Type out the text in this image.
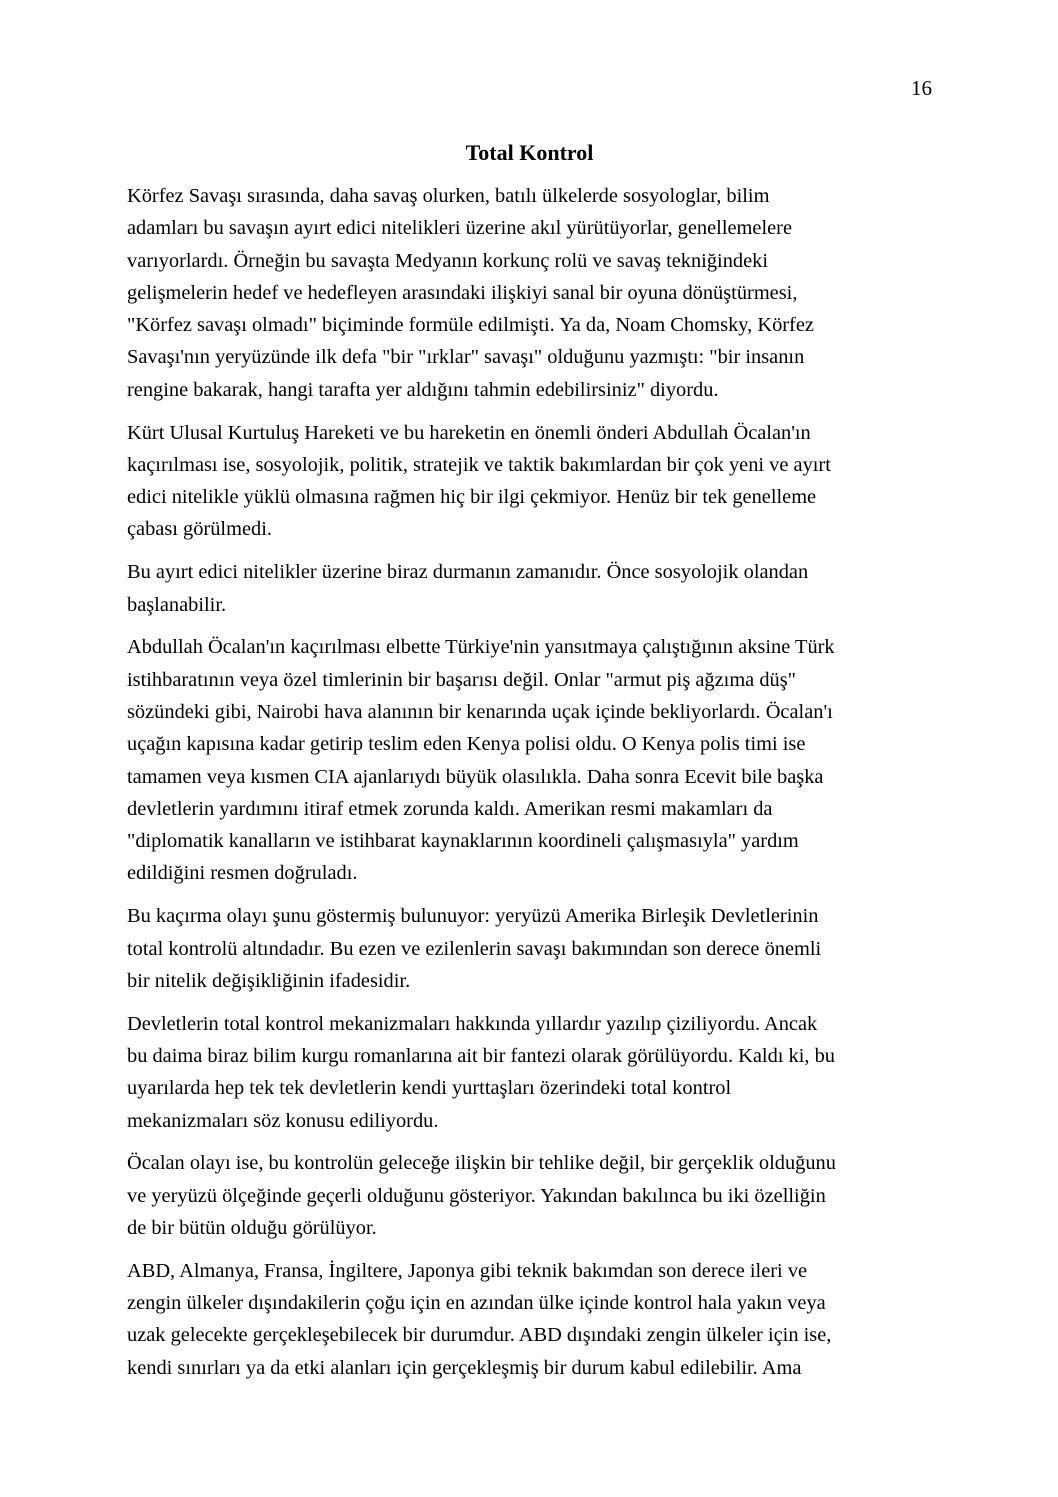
16
Total Kontrol

Körfez Savaşı sırasında, daha savaş olurken, batılı ülkelerde sosyologlar, bilim
adamları bu savaşın ayırt edici nitelikleri üzerine akıl yürütüyorlar, genellemelere
varıyorlardı. Örneğin bu savaşta Medyanın korkunç rolü ve savaş tekniğindeki
gelişmelerin hedef ve hedefleyen arasındaki ilişkiyi sanal bir oyuna dönüştürmesi,
"Körfez savaşı olmadı" biçiminde formüle edilmişti. Ya da, Noam Chomsky, Körfez
Savaşı'nın yeryüzünde ilk defa "bir "ırklar" savaşı" olduğunu yazmıştı: "bir insanın
rengine bakarak, hangi tarafta yer aldığını tahmin edebilirsiniz" diyordu.

Kürt Ulusal Kurtuluş Hareketi ve bu hareketin en önemli önderi Abdullah Öcalan'ın
kaçırılması ise, sosyolojik, politik, stratejik ve taktik bakımlardan bir çok yeni ve ayırt
edici nitelikle yüklü olmasına rağmen hiç bir ilgi çekmiyor. Henüz bir tek genelleme
çabası görülmedi.

Bu ayırt edici nitelikler üzerine biraz durmanın zamanıdır. Önce sosyolojik olandan
başlanabilir.

Abdullah Öcalan'ın kaçırılması elbette Türkiye'nin yansıtmaya çalıştığının aksine Türk
istihbaratının veya özel timlerinin bir başarısı değil. Onlar "armut piş ağzıma düş"
sözündeki gibi, Nairobi hava alanının bir kenarında uçak içinde bekliyorlardı. Öcalan'ı
uçağın kapısına kadar getirip teslim eden Kenya polisi oldu. O Kenya polis timi ise
tamamen veya kısmen CIA ajanlarıydı büyük olasılıkla. Daha sonra Ecevit bile başka
devletlerin yardımını itiraf etmek zorunda kaldı. Amerikan resmi makamları da
"diplomatik kanalların ve istihbarat kaynaklarının koordineli çalışmasıyla" yardım
edildiğini resmen doğruladı.

Bu kaçırma olayı şunu göstermiş bulunuyor: yeryüzü Amerika Birleşik Devletlerinin
total kontrolü altındadır. Bu ezen ve ezilenlerin savaşı bakımından son derece önemli
bir nitelik değişikliğinin ifadesidir.

Devletlerin total kontrol mekanizmaları hakkında yıllardır yazılıp çiziliyordu. Ancak
bu daima biraz bilim kurgu romanlarına ait bir fantezi olarak görülüyordu. Kaldı ki, bu
uyarılarda hep tek tek devletlerin kendi yurttaşları özerindeki total kontrol
mekanizmaları söz konusu ediliyordu.

Öcalan olayı ise, bu kontrolün geleceğe ilişkin bir tehlike değil, bir gerçeklik olduğunu
ve yeryüzü ölçeğinde geçerli olduğunu gösteriyor. Yakından bakılınca bu iki özelliğin
de bir bütün olduğu görülüyor.

ABD, Almanya, Fransa, İngiltere, Japonya gibi teknik bakımdan son derece ileri ve
zengin ülkeler dışındakilerin çoğu için en azından ülke içinde kontrol hala yakın veya
uzak gelecekte gerçekleşebilecek bir durumdur. ABD dışındaki zengin ülkeler için ise,
kendi sınırları ya da etki alanları için gerçekleşmiş bir durum kabul edilebilir. Ama
